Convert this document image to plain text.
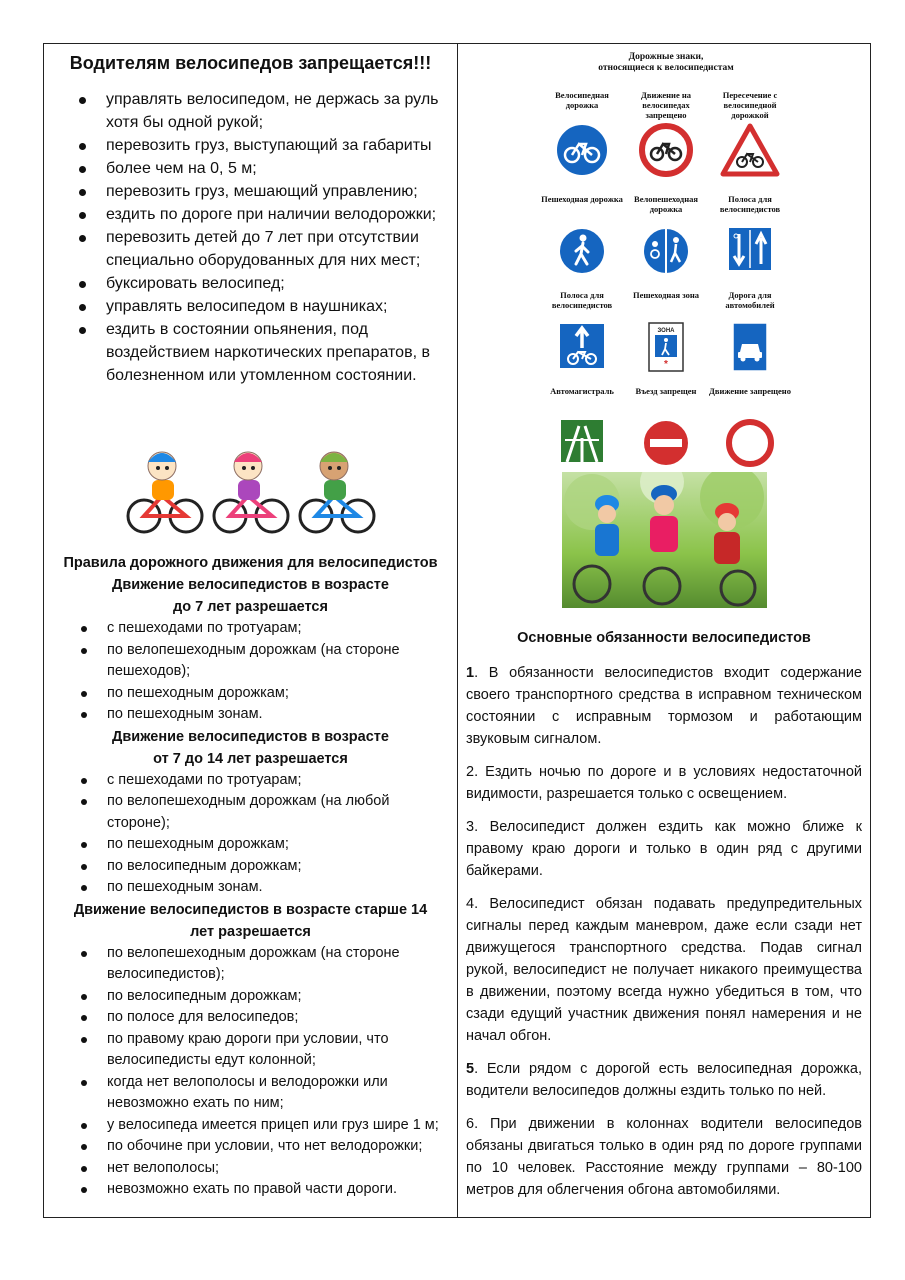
Водителям велосипедов запрещается!!!
управлять велосипедом, не держась за руль хотя бы одной рукой;
перевозить груз, выступающий за габариты
более чем на 0, 5 м;
перевозить груз, мешающий управлению;
ездить по дороге при наличии велодорожки;
перевозить детей до 7 лет при отсутствии специально оборудованных для них мест;
буксировать велосипед;
управлять велосипедом в наушниках;
ездить в состоянии опьянения, под воздействием наркотических препаратов, в болезненном или утомленном состоянии.
Правила дорожного движения для велосипедистов
Движение велосипедистов в возрасте
до 7 лет разрешается
с пешеходами по тротуарам;
по велопешеходным дорожкам (на стороне пешеходов);
по пешеходным дорожкам;
по пешеходным зонам.
Движение велосипедистов в возрасте
от 7 до 14 лет разрешается
с пешеходами по тротуарам;
по велопешеходным дорожкам (на любой стороне);
по пешеходным дорожкам;
по велосипедным дорожкам;
по пешеходным зонам.
Движение велосипедистов в возрасте старше 14
лет разрешается
по велопешеходным дорожкам (на стороне велосипедистов);
по велосипедным дорожкам;
по полосе для велосипедов;
по правому краю дороги при условии, что велосипедисты едут колонной;
когда нет велополосы и велодорожки или невозможно ехать по ним;
у велосипеда имеется прицеп или груз шире 1 м;
по обочине при условии, что нет велодорожки;
нет велополосы;
невозможно ехать по правой части дороги.
Дорожные знаки,
относящиеся к велосипедистам
Велосипедная дорожка
Движение на велосипедах запрещено
Пересечение с велосипедной дорожкой
Пешеходная дорожка	Велопешеходная дорожка
Полоса для велосипедистов
Полоса для велосипедистов
Пешеходная зона
ЗОНА
*
Дорога для автомобилей
Автомагистраль	Въезд запрещен	Движение запрещено
Основные обязанности велосипедистов

1. В обязанности велосипедистов входит содержание своего транспортного средства в исправном техническом состоянии с исправным тормозом и работающим звуковым сигналом.

2. Ездить ночью по дороге и в условиях недостаточной видимости, разрешается только с освещением.

3. Велосипедист должен ездить как можно ближе к правому краю дороги и только в один ряд с другими байкерами.

4. Велосипедист обязан подавать предупредительных сигналы перед каждым маневром, даже если сзади нет движущегося транспортного средства. Подав сигнал рукой, велосипедист не получает никакого преимущества в движении, поэтому всегда нужно убедиться в том, что сзади едущий участник движения понял намерения и не начал обгон.

5. Если рядом с дорогой есть велосипедная дорожка, водители велосипедов должны ездить только по ней.

6. При движении в колоннах водители велосипедов обязаны двигаться только в один ряд по дороге группами по 10 человек. Расстояние между группами – 80-100 метров для облегчения обгона автомобилями.
